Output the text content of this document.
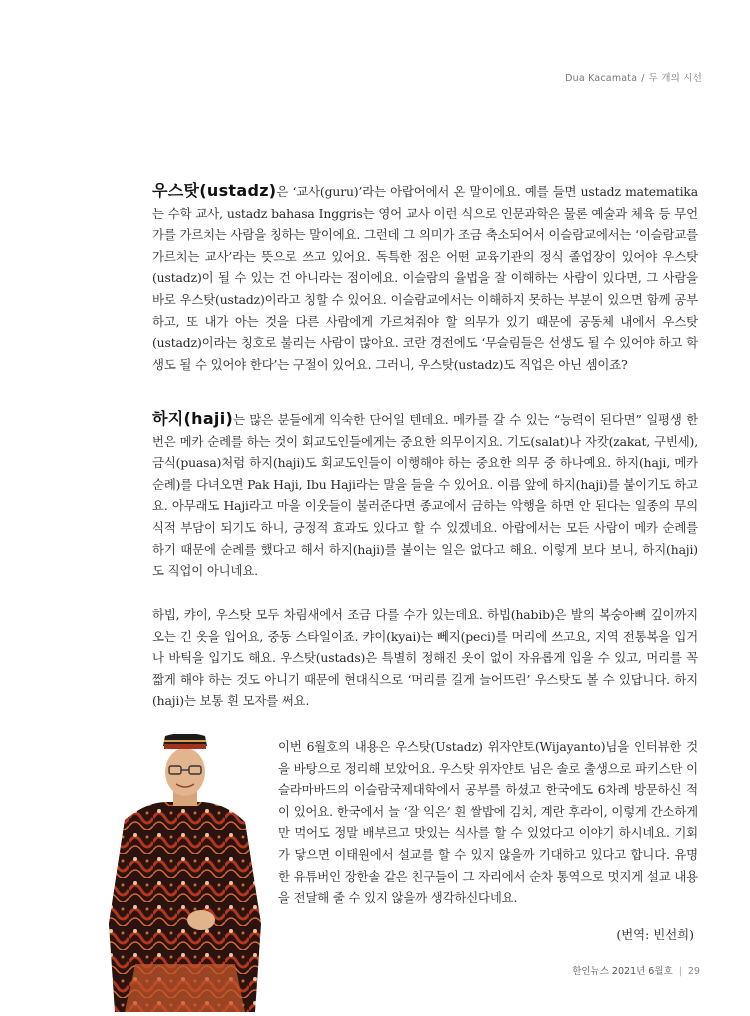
Dua Kacamata / 두 개의 시선

우스탓(ustadz)은 ‘교사(guru)’라는 아랍어에서 온 말이에요. 예를 들면 ustadz matematika는 수학 교사, ustadz bahasa Inggris는 영어 교사 이런 식으로 인문과학은 물론 예술과 체육 등 무언가를 가르치는 사람을 칭하는 말이에요. 그런데 그 의미가 조금 축소되어서 이슬람교에서는 ‘이슬람교를 가르치는 교사’라는 뜻으로 쓰고 있어요. 독특한 점은 어떤 교육기관의 정식 졸업장이 있어야 우스탓(ustadz)이 될 수 있는 건 아니라는 점이에요. 이슬람의 율법을 잘 이해하는 사람이 있다면, 그 사람을 바로 우스탓(ustadz)이라고 칭할 수 있어요. 이슬람교에서는 이해하지 못하는 부분이 있으면 함께 공부하고, 또 내가 아는 것을 다른 사람에게 가르쳐줘야 할 의무가 있기 때문에 공동체 내에서 우스탓(ustadz)이라는 칭호로 불리는 사람이 많아요. 코란 경전에도 ‘무슬림들은 선생도 될 수 있어야 하고 학생도 될 수 있어야 한다’는 구절이 있어요. 그러니, 우스탓(ustadz)도 직업은 아닌 셈이죠?

하지(haji)는 많은 분들에게 익숙한 단어일 텐데요. 메카를 갈 수 있는 “능력이 된다면” 일평생 한 번은 메카 순례를 하는 것이 회교도인들에게는 중요한 의무이지요. 기도(salat)나 자캇(zakat, 구빈세), 금식(puasa)처럼 하지(haji)도 회교도인들이 이행해야 하는 중요한 의무 중 하나예요. 하지(haji, 메카 순례)를 다녀오면 Pak Haji, Ibu Haji라는 말을 들을 수 있어요. 이름 앞에 하지(haji)를 붙이기도 하고요. 아무래도 Haji라고 마을 이웃들이 불러준다면 종교에서 금하는 악행을 하면 안 된다는 일종의 무의식적 부담이 되기도 하니, 긍정적 효과도 있다고 할 수 있겠네요. 아랍에서는 모든 사람이 메카 순례를 하기 때문에 순례를 했다고 해서 하지(haji)를 붙이는 일은 없다고 해요. 이렇게 보다 보니, 하지(haji)도 직업이 아니네요.

하빕, 캬이, 우스탓 모두 차림새에서 조금 다를 수가 있는데요. 하빕(habib)은 발의 복숭아뼈 깊이까지 오는 긴 옷을 입어요, 중동 스타일이죠. 캬이(kyai)는 뻬지(peci)를 머리에 쓰고요, 지역 전통복을 입거나 바틱을 입기도 해요. 우스탓(ustads)은 특별히 정해진 옷이 없이 자유롭게 입을 수 있고, 머리를 꼭 짧게 해야 하는 것도 아니기 때문에 현대식으로 ‘머리를 길게 늘어뜨린’ 우스탓도 볼 수 있답니다. 하지(haji)는 보통 흰 모자를 써요.

이번 6월호의 내용은 우스탓(Ustadz) 위자얀토(Wijayanto)님을 인터뷰한 것을 바탕으로 정리해 보았어요. 우스탓 위자얀토 님은 솔로 출생으로 파키스탄 이슬라마바드의 이슬람국제대학에서 공부를 하셨고 한국에도 6차례 방문하신 적이 있어요. 한국에서 늘 ‘잘 익은’ 흰 쌀밥에 김치, 계란 후라이, 이렇게 간소하게만 먹어도 정말 배부르고 맛있는 식사를 할 수 있었다고 이야기 하시네요. 기회가 닿으면 이태원에서 설교를 할 수 있지 않을까 기대하고 있다고 합니다. 유명한 유튜버인 장한솔 같은 친구들이 그 자리에서 순차 통역으로 멋지게 설교 내용을 전달해 줄 수 있지 않을까 생각하신다네요.

(번역: 빈선희)

한인뉴스 2021년 6월호 | 29
